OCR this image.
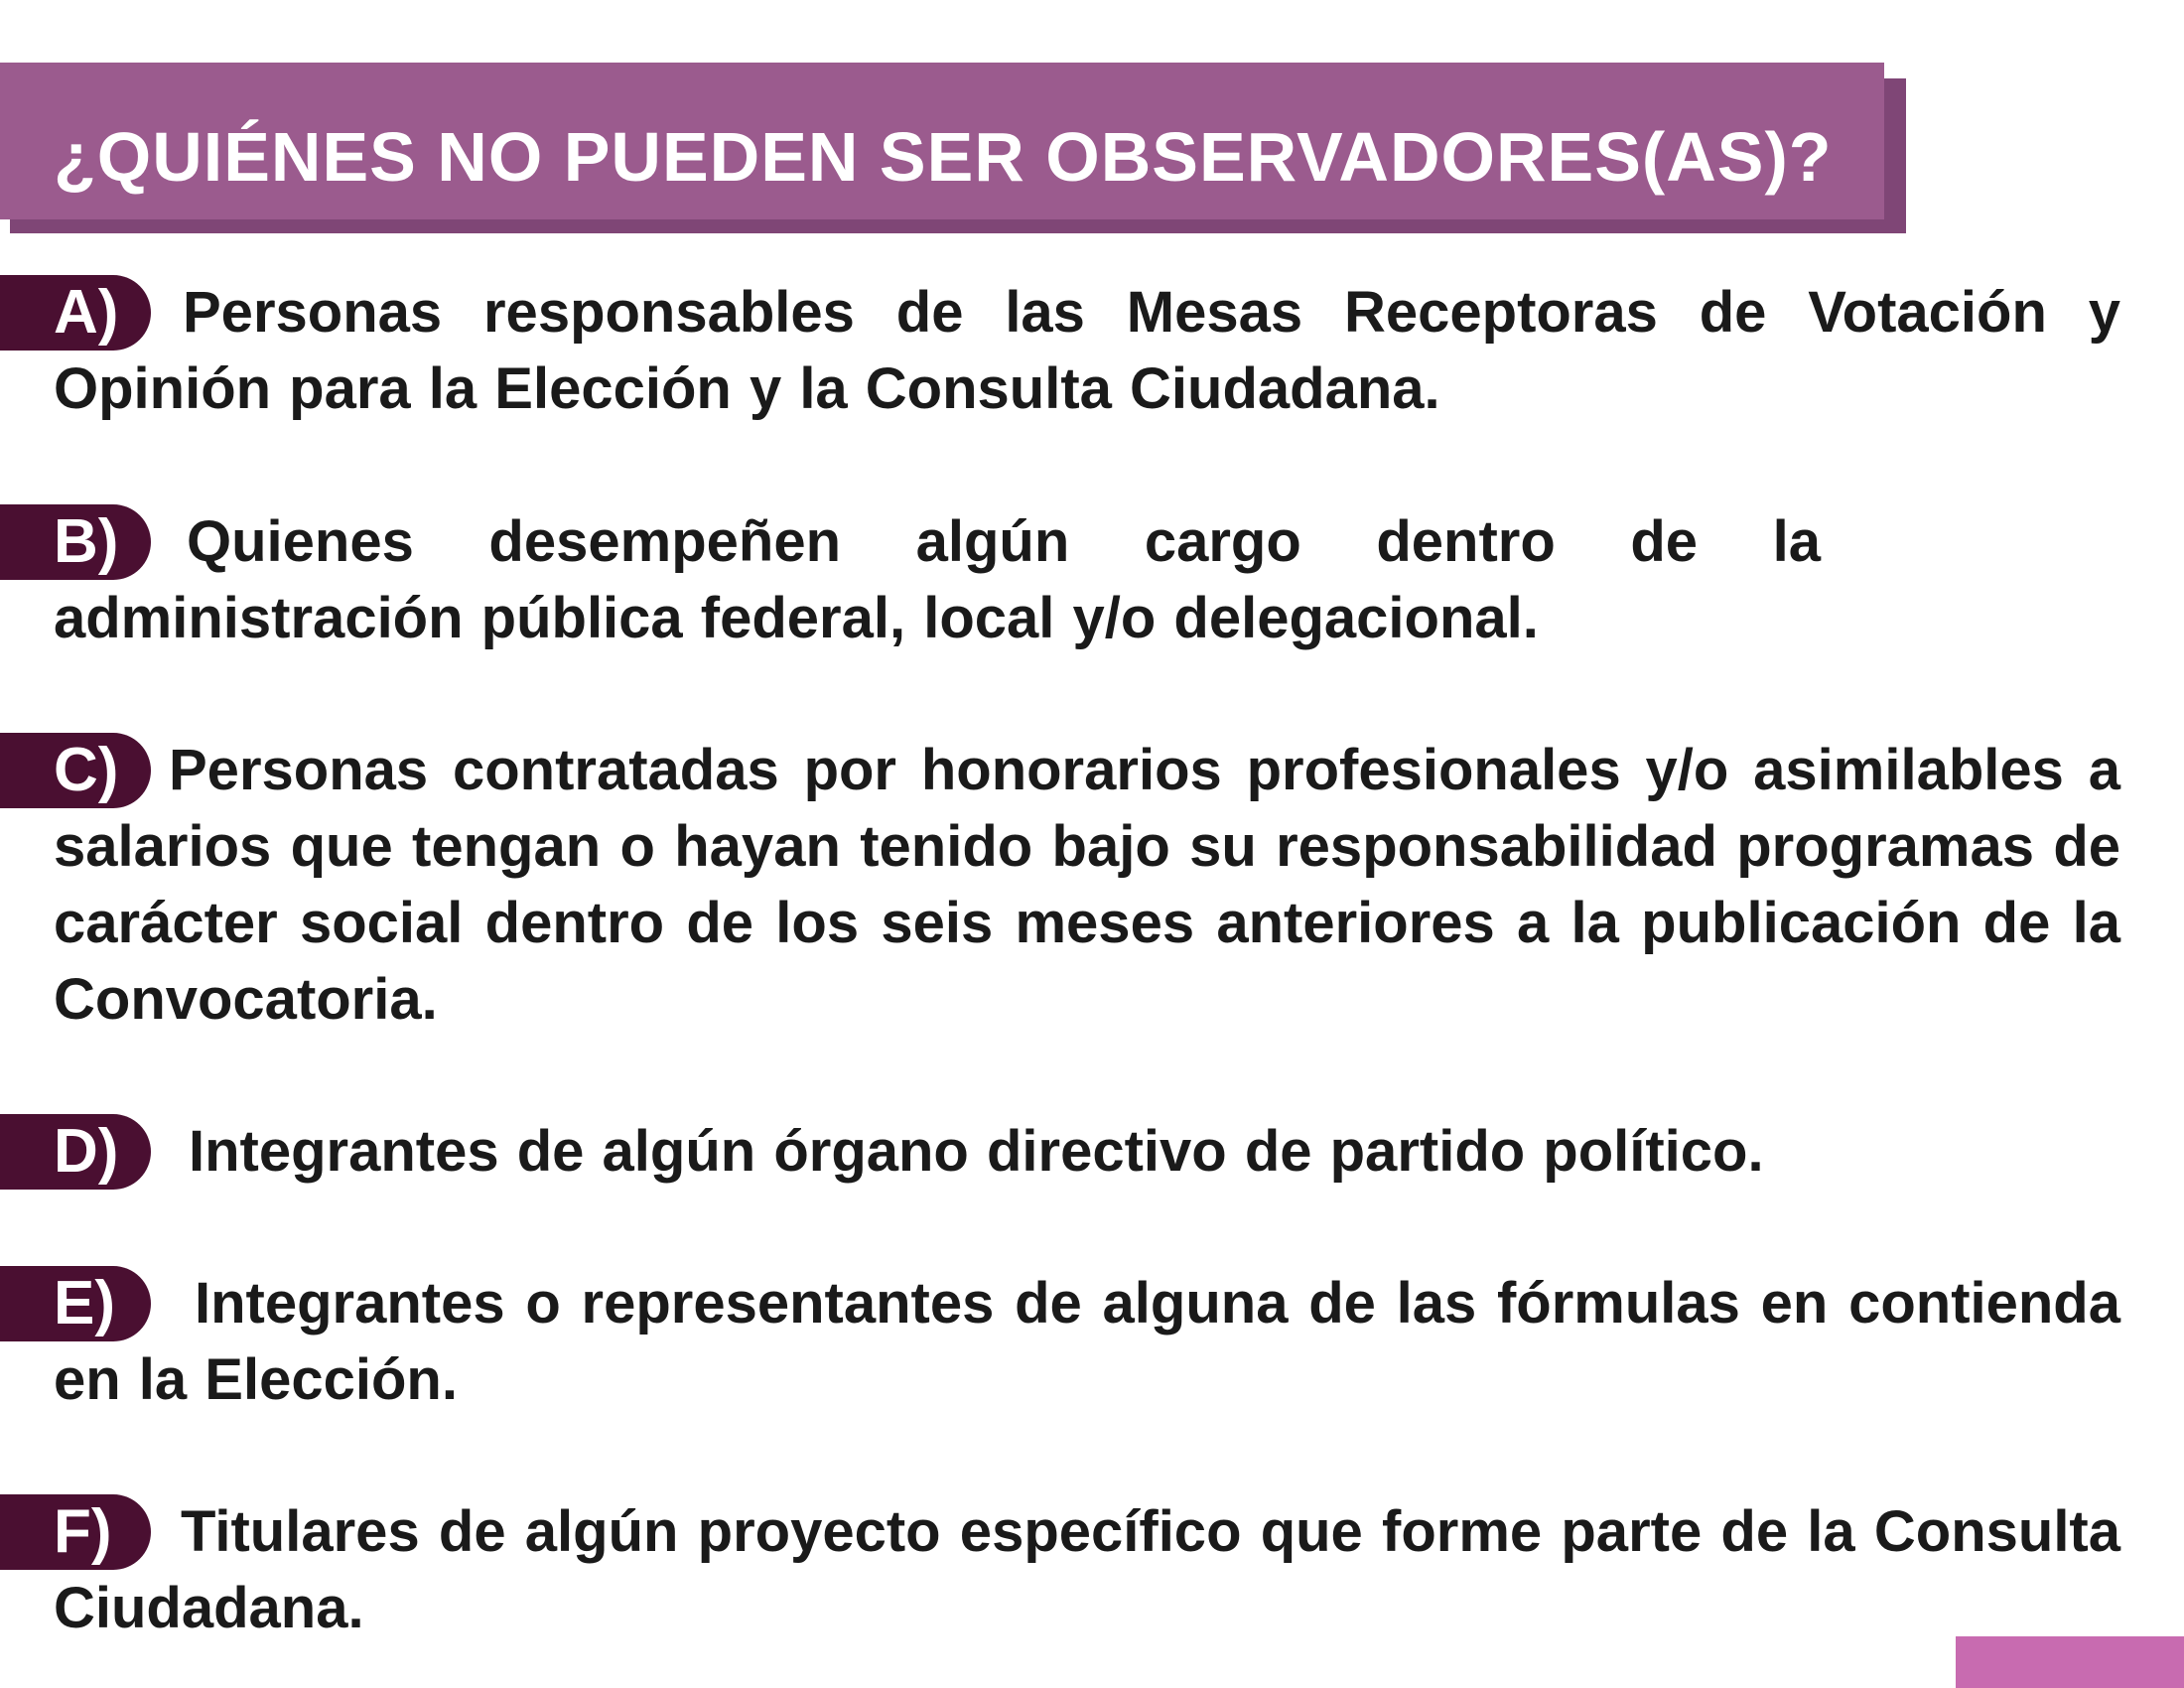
¿QUIÉNES NO PUEDEN SER OBSERVADORES(AS)?
A)	Personas responsables de las Mesas Receptoras de Votación y Opinión para la Elección y la Consulta Ciudadana.

B)	Quienes desempeñen algún cargo dentro de la administración pública federal, local y/o delegacional.

C) Personas contratadas por honorarios profesionales y/o asimilables a salarios que tengan o hayan tenido bajo su responsabilidad programas de carácter social dentro de los seis meses anteriores a la publicación de la Convocatoria.

D)	Integrantes de algún órgano directivo de partido político.

E)	Integrantes o representantes de alguna de las fórmulas en contienda en la Elección.

F)	Titulares de algún proyecto específico que forme parte de la Consulta Ciudadana.
